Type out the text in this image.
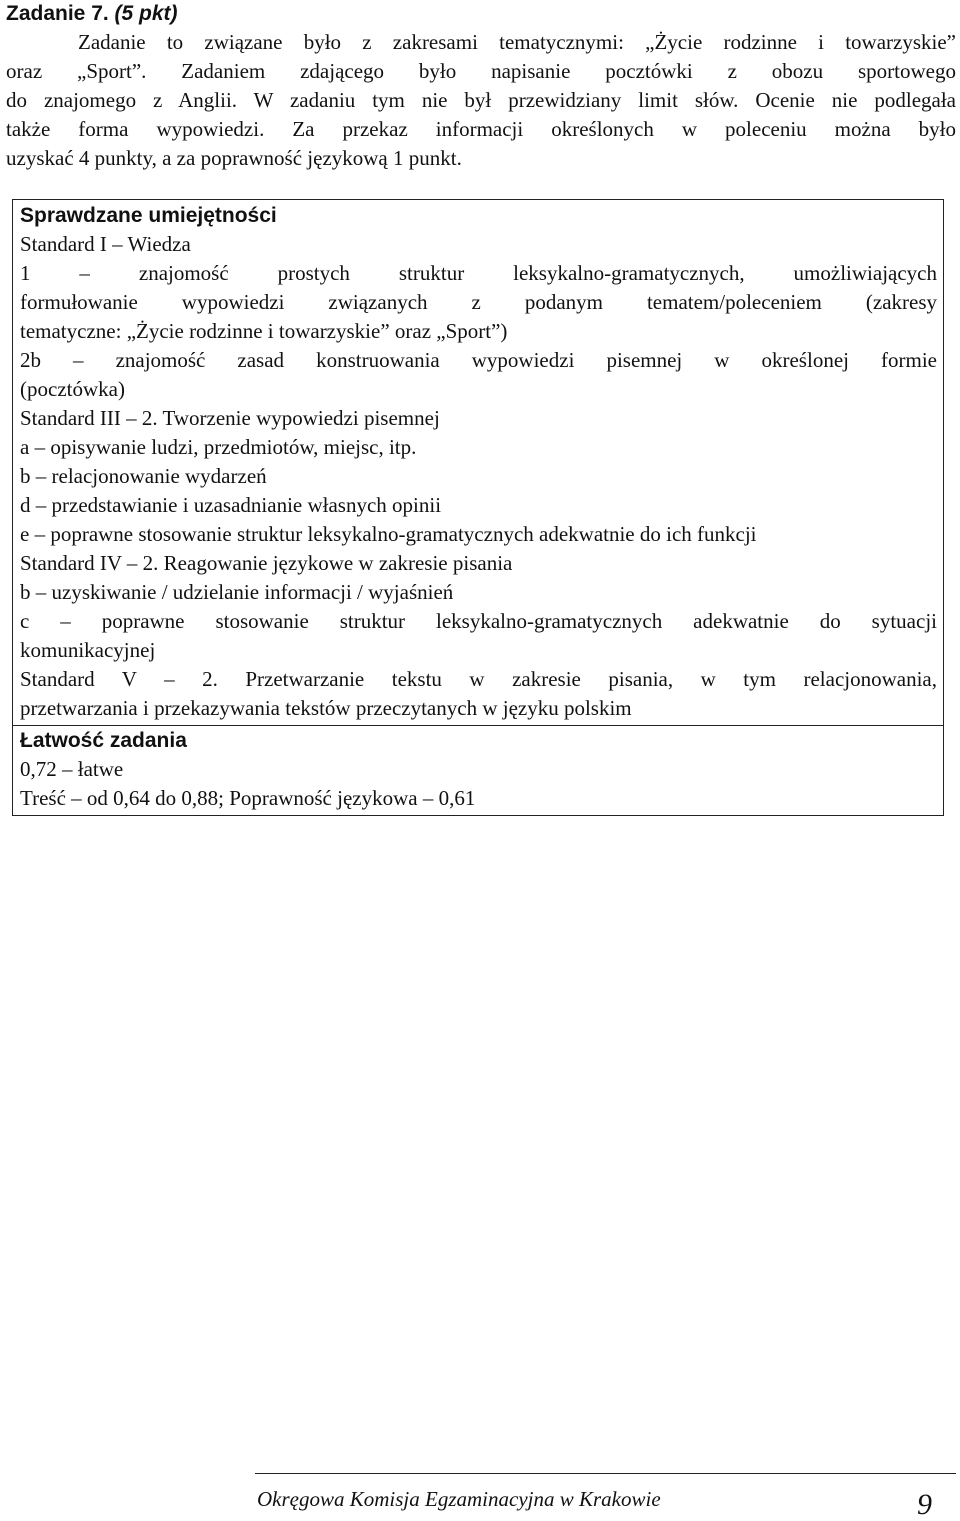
Zadanie 7. (5 pkt)
Zadanie to związane było z zakresami tematycznymi: „Życie rodzinne i towarzyskie”
oraz „Sport”. Zadaniem zdającego było napisanie pocztówki z obozu sportowego
do znajomego z Anglii. W zadaniu tym nie był przewidziany limit słów. Ocenie nie podlegała
także forma wypowiedzi. Za przekaz informacji określonych w poleceniu można było
uzyskać 4 punkty, a za poprawność językową 1 punkt.
Sprawdzane umiejętności
Standard I – Wiedza
1 – znajomość prostych struktur leksykalno-gramatycznych, umożliwiających
formułowanie wypowiedzi związanych z podanym tematem/poleceniem (zakresy
tematyczne: „Życie rodzinne i towarzyskie” oraz „Sport”)
2b – znajomość zasad konstruowania wypowiedzi pisemnej w określonej formie
(pocztówka)
Standard III – 2. Tworzenie wypowiedzi pisemnej
a – opisywanie ludzi, przedmiotów, miejsc, itp.
b – relacjonowanie wydarzeń
d – przedstawianie i uzasadnianie własnych opinii
e – poprawne stosowanie struktur leksykalno-gramatycznych adekwatnie do ich funkcji
Standard IV – 2. Reagowanie językowe w zakresie pisania
b – uzyskiwanie / udzielanie informacji / wyjaśnień
c – poprawne stosowanie struktur leksykalno-gramatycznych adekwatnie do sytuacji
komunikacyjnej
Standard V – 2. Przetwarzanie tekstu w zakresie pisania, w tym relacjonowania,
przetwarzania i przekazywania tekstów przeczytanych w języku polskim
Łatwość zadania
0,72 – łatwe
Treść – od 0,64 do 0,88; Poprawność językowa – 0,61
Okręgowa Komisja Egzaminacyjna w Krakowie	9
